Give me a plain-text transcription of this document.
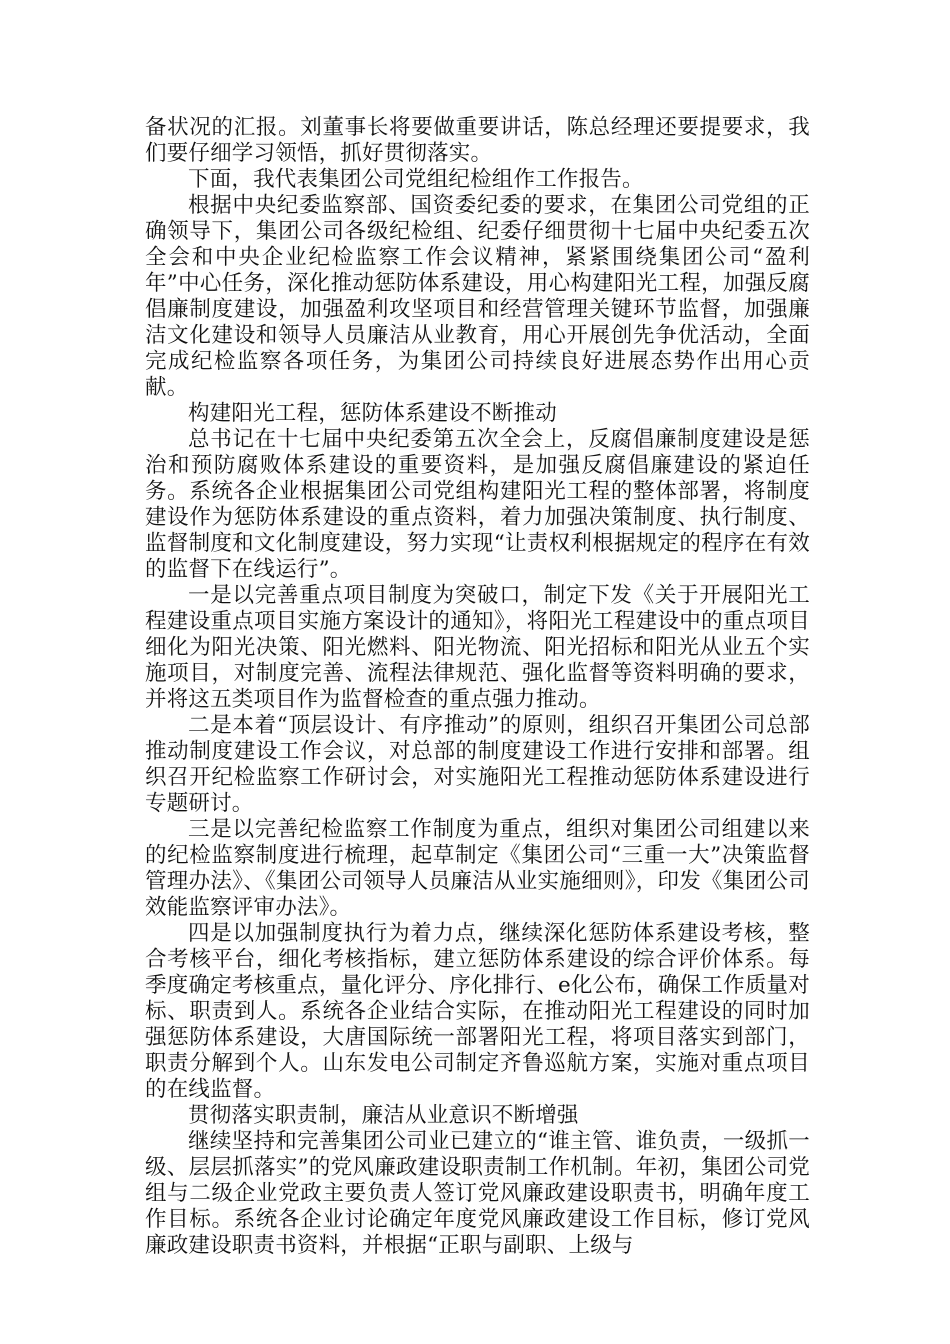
备状况的汇报。刘董事长将要做重要讲话，陈总经理还要提要求，我们要仔细学习领悟，抓好贯彻落实。

下面，我代表集团公司党组纪检组作工作报告。

根据中央纪委监察部、国资委纪委的要求，在集团公司党组的正确领导下，集团公司各级纪检组、纪委仔细贯彻十七届中央纪委五次全会和中央企业纪检监察工作会议精神，紧紧围绕集团公司“盈利年”中心任务，深化推动惩防体系建设，用心构建阳光工程，加强反腐倡廉制度建设，加强盈利攻坚项目和经营管理关键环节监督，加强廉洁文化建设和领导人员廉洁从业教育，用心开展创先争优活动，全面完成纪检监察各项任务，为集团公司持续良好进展态势作出用心贡献。

构建阳光工程，惩防体系建设不断推动

总书记在十七届中央纪委第五次全会上，反腐倡廉制度建设是惩治和预防腐败体系建设的重要资料，是加强反腐倡廉建设的紧迫任务。系统各企业根据集团公司党组构建阳光工程的整体部署，将制度建设作为惩防体系建设的重点资料，着力加强决策制度、执行制度、监督制度和文化制度建设，努力实现“让责权利根据规定的程序在有效的监督下在线运行”。

一是以完善重点项目制度为突破口，制定下发《关于开展阳光工程建设重点项目实施方案设计的通知》，将阳光工程建设中的重点项目细化为阳光决策、阳光燃料、阳光物流、阳光招标和阳光从业五个实施项目，对制度完善、流程法律规范、强化监督等资料明确的要求，并将这五类项目作为监督检查的重点强力推动。

二是本着“顶层设计、有序推动”的原则，组织召开集团公司总部推动制度建设工作会议，对总部的制度建设工作进行安排和部署。组织召开纪检监察工作研讨会，对实施阳光工程推动惩防体系建设进行专题研讨。

三是以完善纪检监察工作制度为重点，组织对集团公司组建以来的纪检监察制度进行梳理，起草制定《集团公司“三重一大”决策监督管理办法》、《集团公司领导人员廉洁从业实施细则》，印发《集团公司效能监察评审办法》。

四是以加强制度执行为着力点，继续深化惩防体系建设考核，整合考核平台，细化考核指标，建立惩防体系建设的综合评价体系。每季度确定考核重点，量化评分、序化排行、e化公布，确保工作质量对标、职责到人。系统各企业结合实际，在推动阳光工程建设的同时加强惩防体系建设，大唐国际统一部署阳光工程，将项目落实到部门，职责分解到个人。山东发电公司制定齐鲁巡航方案，实施对重点项目的在线监督。

贯彻落实职责制，廉洁从业意识不断增强

继续坚持和完善集团公司业已建立的“谁主管、谁负责，一级抓一级、层层抓落实”的党风廉政建设职责制工作机制。年初，集团公司党组与二级企业党政主要负责人签订党风廉政建设职责书，明确年度工作目标。系统各企业讨论确定年度党风廉政建设工作目标，修订党风廉政建设职责书资料，并根据“正职与副职、上级与
